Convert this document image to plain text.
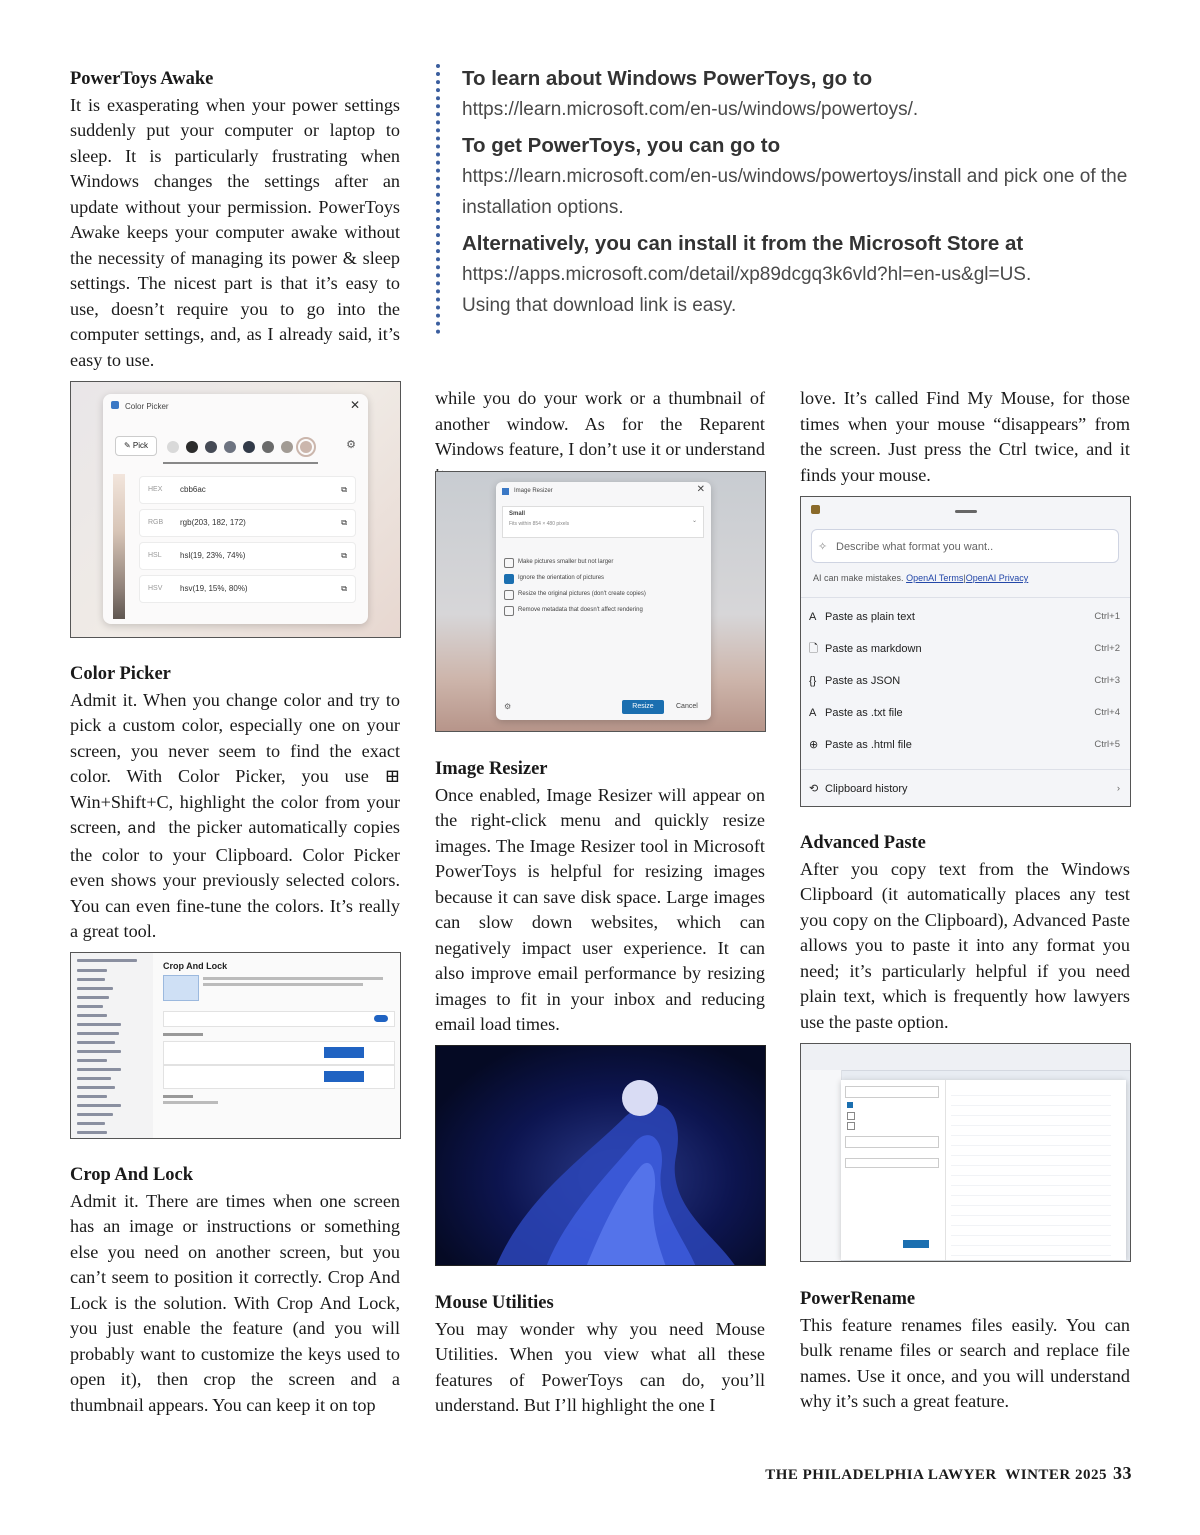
PowerToys Awake

It is exasperating when your power settings suddenly put your computer or laptop to sleep. It is particularly frustrating when Windows changes the settings after an update without your permission. PowerToys Awake keeps your computer awake without the necessity of managing its power & sleep settings. The nicest part is that it’s easy to use, doesn’t require you to go into the computer settings, and, as I already said, it’s easy to use.

Color Picker	✕
✎ Pick	⚙
HEX cbb6ac	⧉
RGB rgb(203, 182, 172)	⧉
HSL hsl(19, 23%, 74%)	⧉
HSV hsv(19, 15%, 80%)	⧉
Color Picker

Admit it. When you change color and try to pick a custom color, especially one on your screen, you never seem to find the exact color. With Color Picker, you use ⊞ Win+Shift+C, highlight the color from your screen, and the picker automatically copies the color to your Clipboard. Color Picker even shows your previously selected colors. You can even fine-tune the colors. It’s really a great tool.

Crop And Lock
Crop And Lock

Admit it. There are times when one screen has an image or instructions or something else you need on another screen, but you can’t seem to position it correctly. Crop And Lock is the solution. With Crop And Lock, you just enable the feature (and you will probably want to customize the keys used to open it), then crop the screen and a thumbnail appears. You can keep it on top

To learn about Windows PowerToys, go to
https://learn.microsoft.com/en-us/windows/powertoys/.
To get PowerToys, you can go to
https://learn.microsoft.com/en-us/windows/powertoys/install and pick one of the installation options.
Alternatively, you can install it from the Microsoft Store at
https://apps.microsoft.com/detail/xp89dcgq3k6vld?hl=en-us&gl=US.
Using that download link is easy.

while you do your work or a thumbnail of another window. As for the Reparent Windows feature, I don’t use it or understand

Image Resizer	✕
Small
Fits within 854 × 480 pixels	⌄
Make pictures smaller but not larger
Ignore the orientation of pictures
Resize the original pictures (don't create copies)
Remove metadata that doesn't affect rendering
⚙	Resize	Cancel
Image Resizer

Once enabled, Image Resizer will appear on the right-click menu and quickly resize images. The Image Resizer tool in Microsoft PowerToys is helpful for resizing images because it can save disk space. Large images can slow down websites, which can negatively impact user experience. It can also improve email performance by resizing images to fit in your inbox and reducing email load times.

Mouse Utilities

You may wonder why you need Mouse Utilities. When you view what all these features of PowerToys can do, you’ll understand. But I’ll highlight the one I

love. It’s called Find My Mouse, for those times when your mouse “disappears” from the screen. Just press the Ctrl twice, and it finds your mouse.

✧ Describe what format you want..
AI can make mistakes. OpenAI Terms|OpenAI Privacy
A Paste as plain text	Ctrl+1
🗋 Paste as markdown	Ctrl+2
{} Paste as JSON	Ctrl+3
A Paste as .txt file	Ctrl+4
⊕ Paste as .html file	Ctrl+5
⟲ Clipboard history	›
Advanced Paste

After you copy text from the Windows Clipboard (it automatically places any test you copy on the Clipboard), Advanced Paste allows you to paste it into any format you need; it’s particularly helpful if you need plain text, which is frequently how lawyers use the paste option.

PowerRename

This feature renames files easily. You can bulk rename files or search and replace file names. Use it once, and you will understand why it’s such a great feature.

THE PHILADELPHIA LAWYER WINTER 2025 33
